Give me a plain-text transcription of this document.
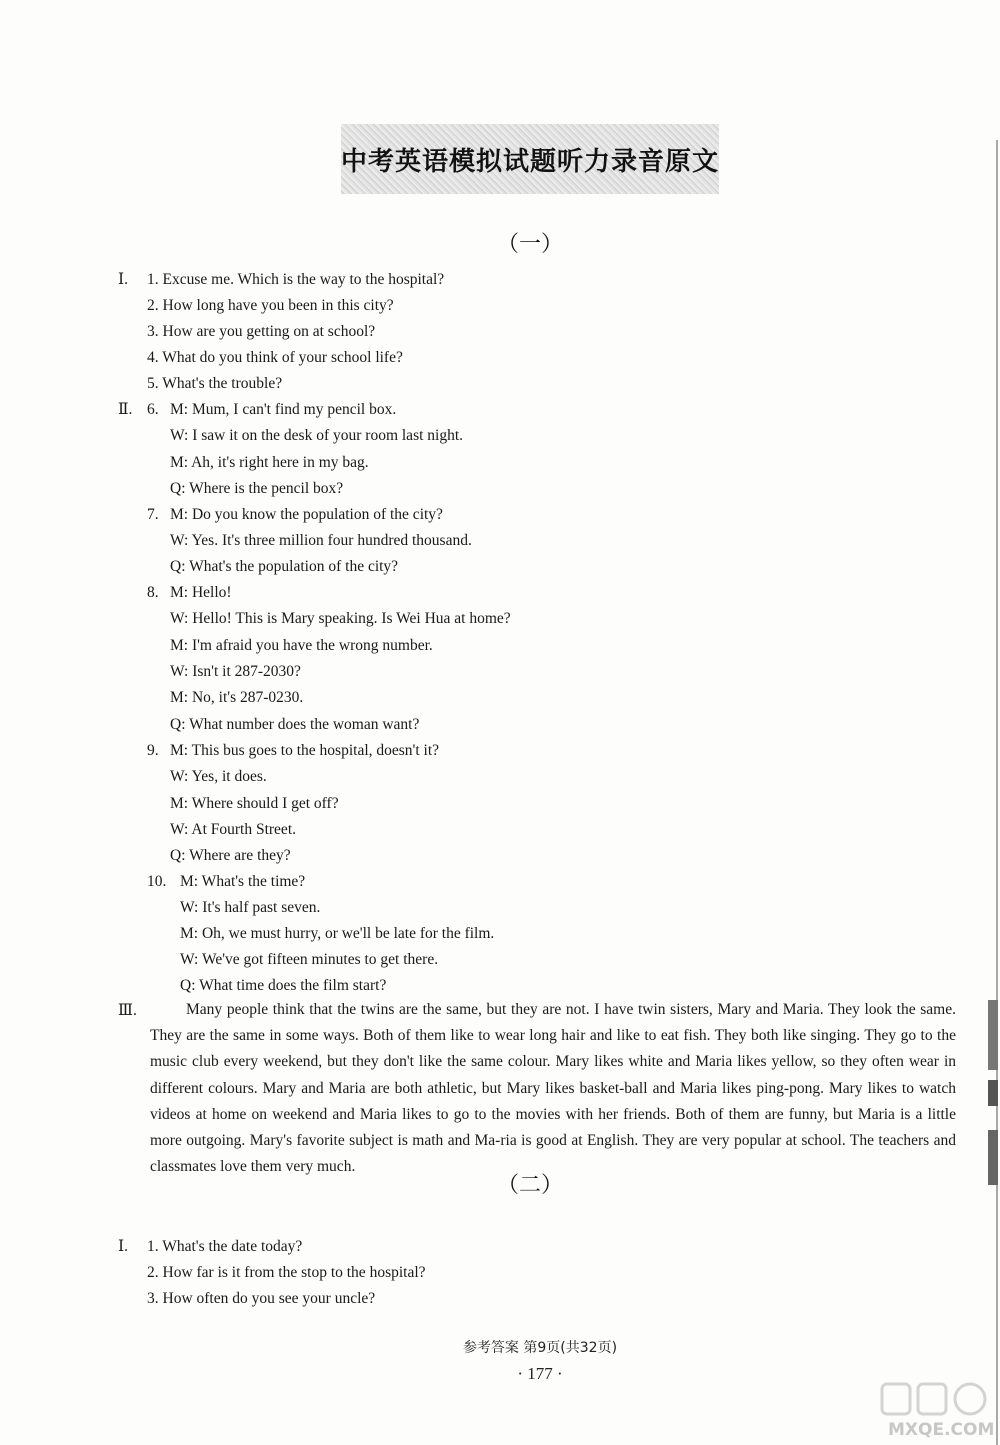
中考英语模拟试题听力录音原文
（一）
Ⅰ. 1. Excuse me. Which is the way to the hospital?
2. How long have you been in this city?
3. How are you getting on at school?
4. What do you think of your school life?
5. What's the trouble?
Ⅱ. 6. M: Mum, I can't find my pencil box.
W: I saw it on the desk of your room last night.
M: Ah, it's right here in my bag.
Q: Where is the pencil box?
7. M: Do you know the population of the city?
W: Yes. It's three million four hundred thousand.
Q: What's the population of the city?
8. M: Hello!
W: Hello! This is Mary speaking. Is Wei Hua at home?
M: I'm afraid you have the wrong number.
W: Isn't it 287-2030?
M: No, it's 287-0230.
Q: What number does the woman want?
9. M: This bus goes to the hospital, doesn't it?
W: Yes, it does.
M: Where should I get off?
W: At Fourth Street.
Q: Where are they?
10. M: What's the time?
W: It's half past seven.
M: Oh, we must hurry, or we'll be late for the film.
W: We've got fifteen minutes to get there.
Q: What time does the film start?
Ⅲ.	Many people think that the twins are the same, but they are not. I have twin sisters, Mary and Maria. They look the same. They are the same in some ways. Both of them like to wear long hair and like to eat fish. They both like singing. They go to the music club every weekend, but they don't like the same colour. Mary likes white and Maria likes yellow, so they often wear in different colours. Mary and Maria are both athletic, but Mary likes basket-ball and Maria likes ping-pong. Mary likes to watch videos at home on weekend and Maria likes to go to the movies with her friends. Both of them are funny, but Maria is a little more outgoing. Mary's favorite subject is math and Ma-ria is good at English. They are very popular at school. The teachers and classmates love them very much.
（二）
Ⅰ. 1. What's the date today?
2. How far is it from the stop to the hospital?
3. How often do you see your uncle?
参考答案 第9页(共32页)
· 177 ·
MXQE.COM
